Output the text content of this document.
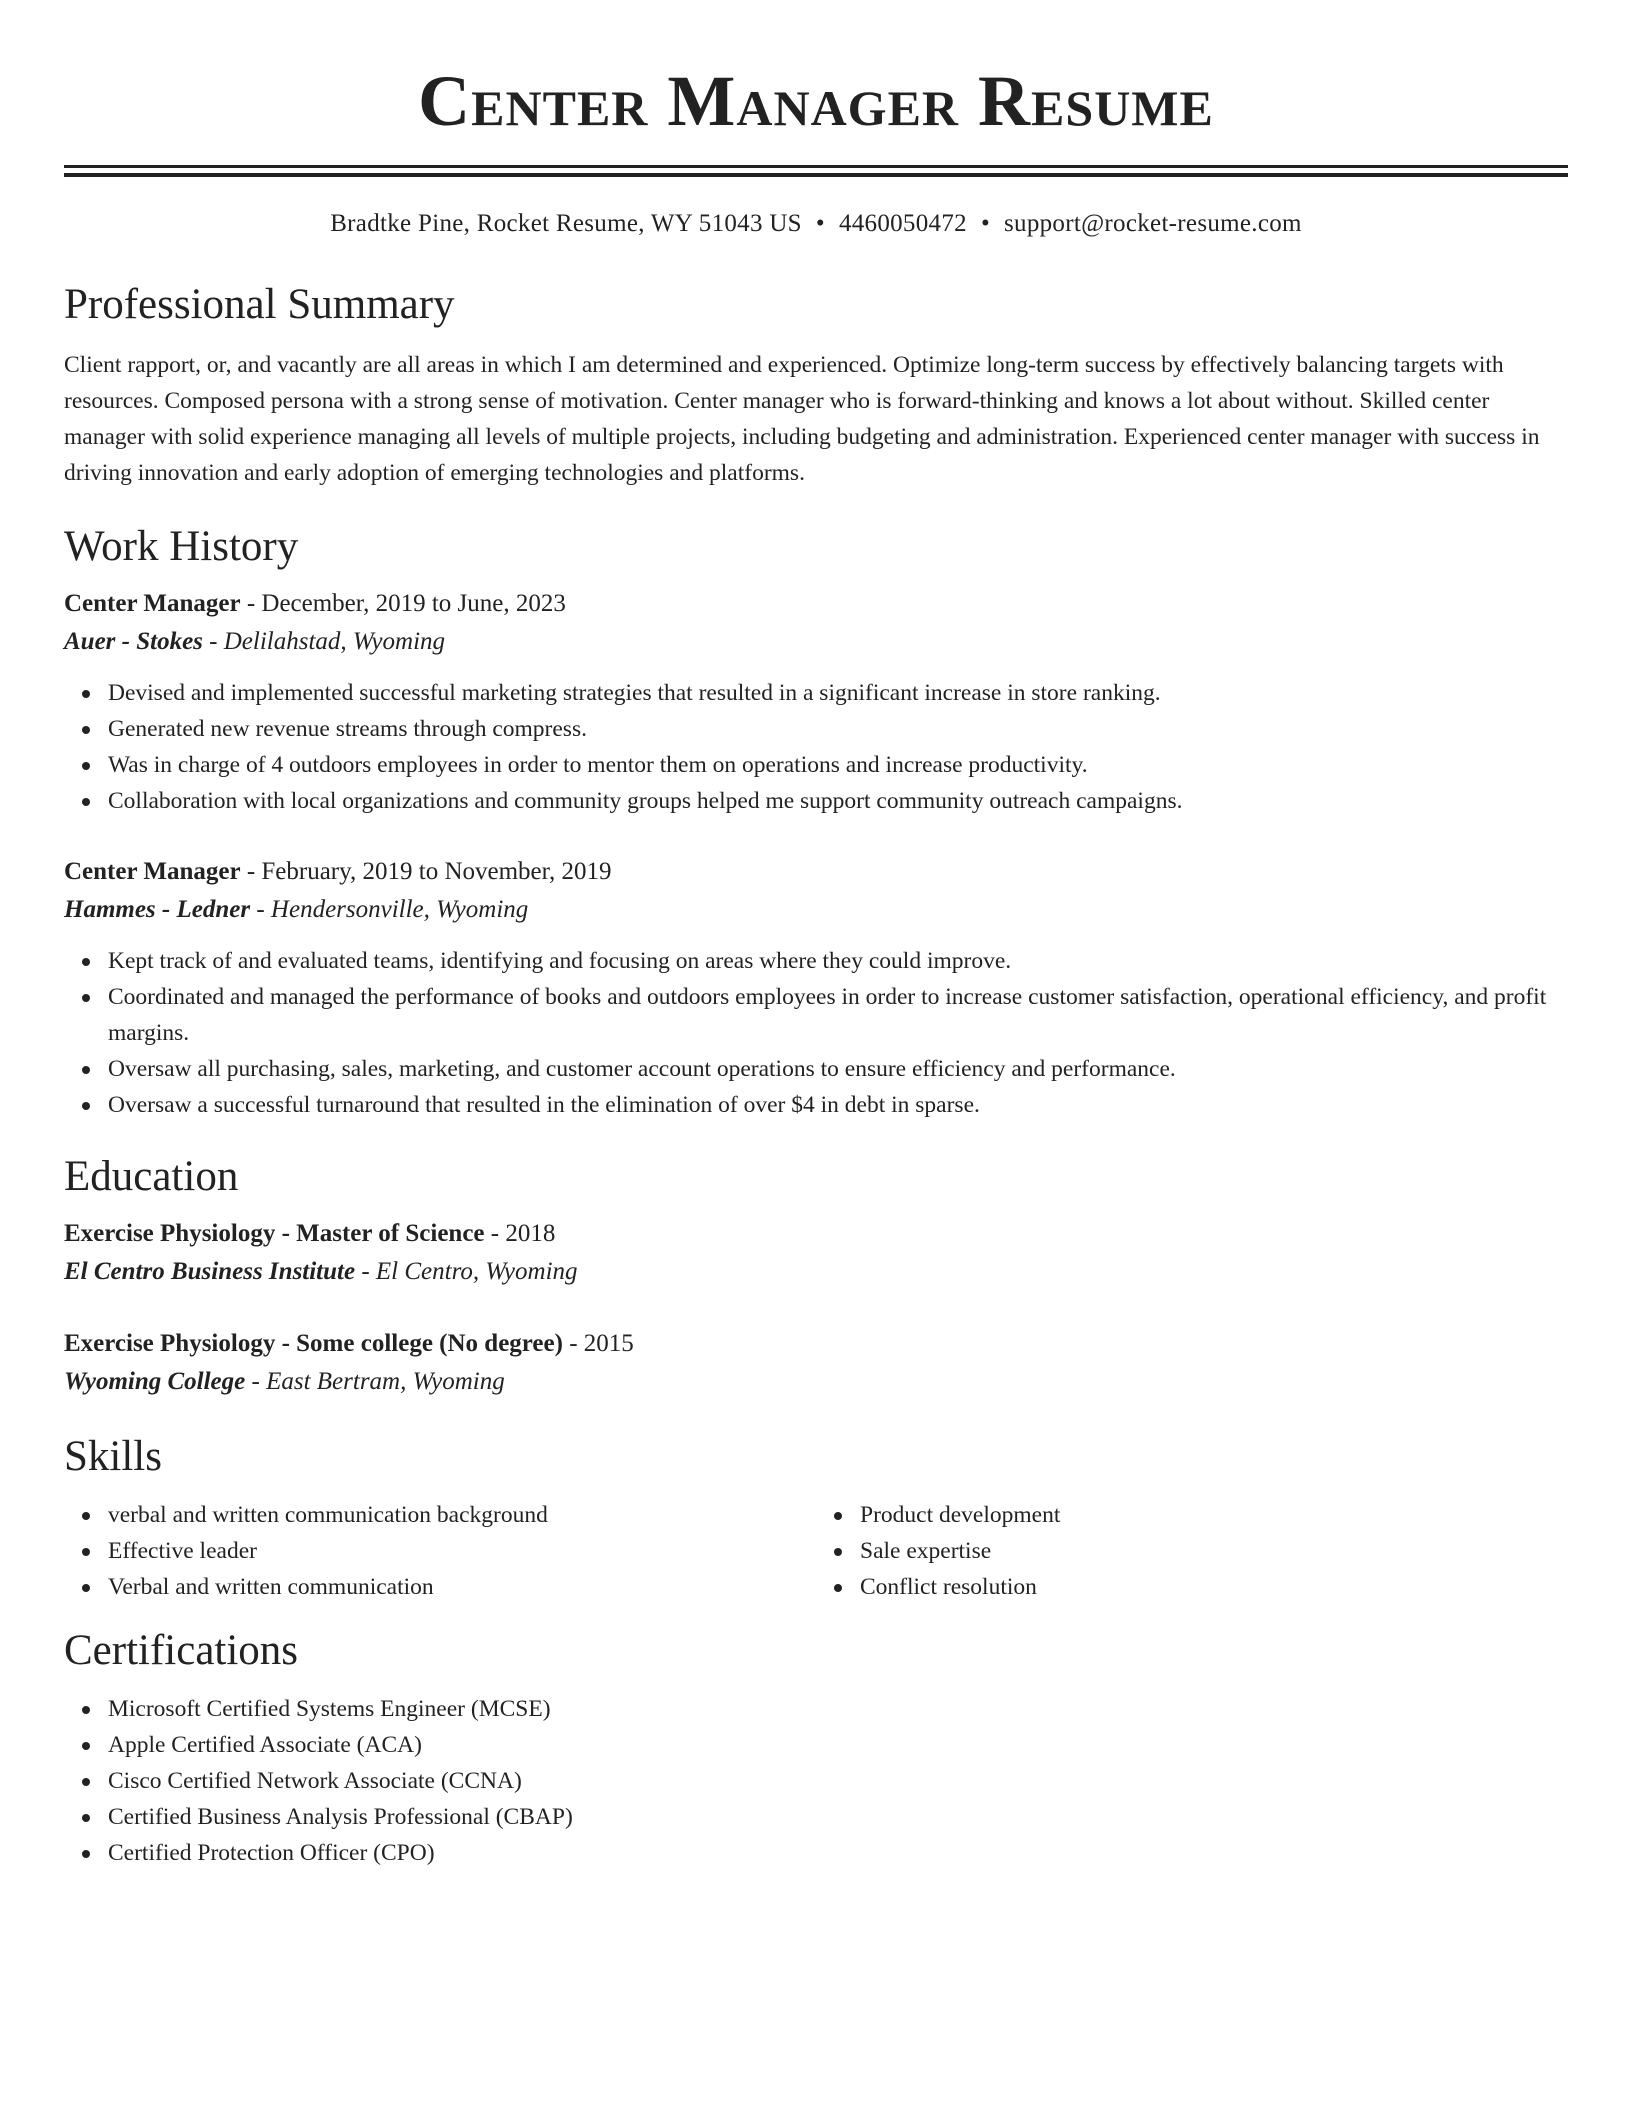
Center Manager Resume
Bradtke Pine, Rocket Resume, WY 51043 US • 4460050472 • support@rocket-resume.com
Professional Summary
Client rapport, or, and vacantly are all areas in which I am determined and experienced. Optimize long-term success by effectively balancing targets with resources. Composed persona with a strong sense of motivation. Center manager who is forward-thinking and knows a lot about without. Skilled center manager with solid experience managing all levels of multiple projects, including budgeting and administration. Experienced center manager with success in driving innovation and early adoption of emerging technologies and platforms.
Work History
Center Manager - December, 2019 to June, 2023
Auer - Stokes - Delilahstad, Wyoming
Devised and implemented successful marketing strategies that resulted in a significant increase in store ranking.
Generated new revenue streams through compress.
Was in charge of 4 outdoors employees in order to mentor them on operations and increase productivity.
Collaboration with local organizations and community groups helped me support community outreach campaigns.
Center Manager - February, 2019 to November, 2019
Hammes - Ledner - Hendersonville, Wyoming
Kept track of and evaluated teams, identifying and focusing on areas where they could improve.
Coordinated and managed the performance of books and outdoors employees in order to increase customer satisfaction, operational efficiency, and profit margins.
Oversaw all purchasing, sales, marketing, and customer account operations to ensure efficiency and performance.
Oversaw a successful turnaround that resulted in the elimination of over $4 in debt in sparse.
Education
Exercise Physiology - Master of Science - 2018
El Centro Business Institute - El Centro, Wyoming
Exercise Physiology - Some college (No degree) - 2015
Wyoming College - East Bertram, Wyoming
Skills
verbal and written communication background
Effective leader
Verbal and written communication
Product development
Sale expertise
Conflict resolution
Certifications
Microsoft Certified Systems Engineer (MCSE)
Apple Certified Associate (ACA)
Cisco Certified Network Associate (CCNA)
Certified Business Analysis Professional (CBAP)
Certified Protection Officer (CPO)
